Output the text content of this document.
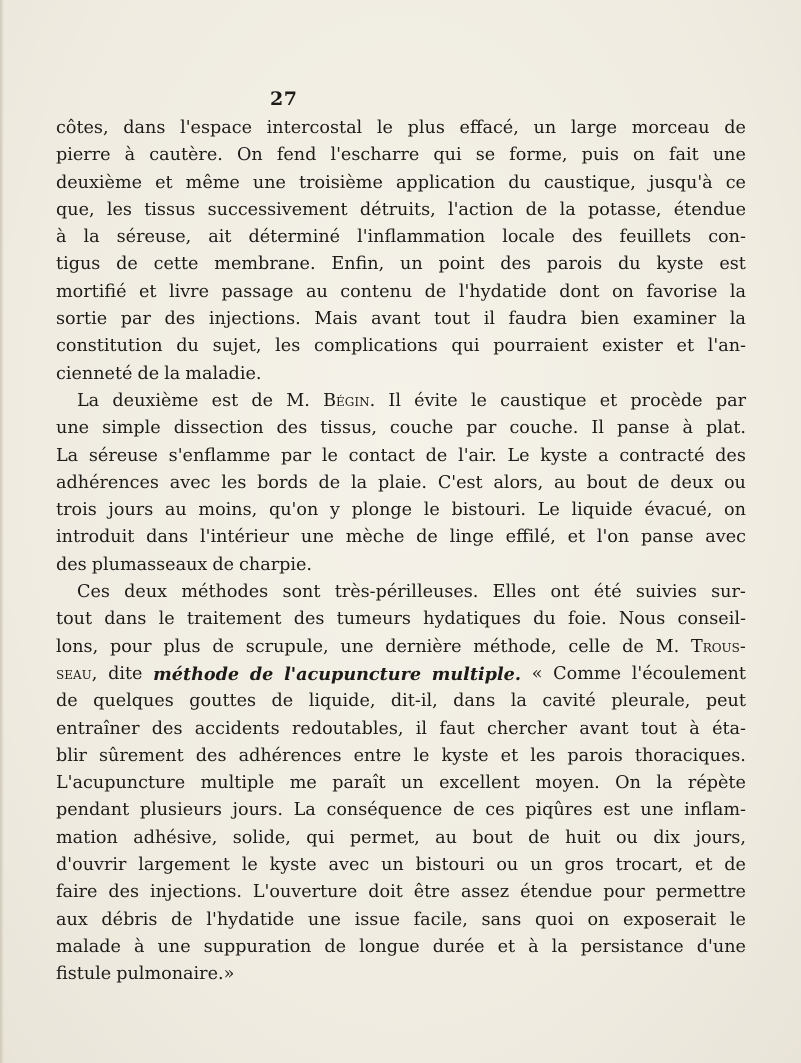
27
côtes, dans l'espace intercostal le plus effacé, un large morceau de
pierre à cautère. On fend l'escharre qui se forme, puis on fait une
deuxième et même une troisième application du caustique, jusqu'à ce
que, les tissus successivement détruits, l'action de la potasse, étendue
à la séreuse, ait déterminé l'inflammation locale des feuillets con-
tigus de cette membrane. Enfin, un point des parois du kyste est
mortifié et livre passage au contenu de l'hydatide dont on favorise la
sortie par des injections. Mais avant tout il faudra bien examiner la
constitution du sujet, les complications qui pourraient exister et l'an-
cienneté de la maladie.
La deuxième est de M. Bégin. Il évite le caustique et procède par
une simple dissection des tissus, couche par couche. Il panse à plat.
La séreuse s'enflamme par le contact de l'air. Le kyste a contracté des
adhérences avec les bords de la plaie. C'est alors, au bout de deux ou
trois jours au moins, qu'on y plonge le bistouri. Le liquide évacué, on
introduit dans l'intérieur une mèche de linge effilé, et l'on panse avec
des plumasseaux de charpie.
Ces deux méthodes sont très-périlleuses. Elles ont été suivies sur-
tout dans le traitement des tumeurs hydatiques du foie. Nous conseil-
lons, pour plus de scrupule, une dernière méthode, celle de M. Trous-
seau, dite méthode de l'acupuncture multiple. « Comme l'écoulement
de quelques gouttes de liquide, dit-il, dans la cavité pleurale, peut
entraîner des accidents redoutables, il faut chercher avant tout à éta-
blir sûrement des adhérences entre le kyste et les parois thoraciques.
L'acupuncture multiple me paraît un excellent moyen. On la répète
pendant plusieurs jours. La conséquence de ces piqûres est une inflam-
mation adhésive, solide, qui permet, au bout de huit ou dix jours,
d'ouvrir largement le kyste avec un bistouri ou un gros trocart, et de
faire des injections. L'ouverture doit être assez étendue pour permettre
aux débris de l'hydatide une issue facile, sans quoi on exposerait le
malade à une suppuration de longue durée et à la persistance d'une
fistule pulmonaire.»
